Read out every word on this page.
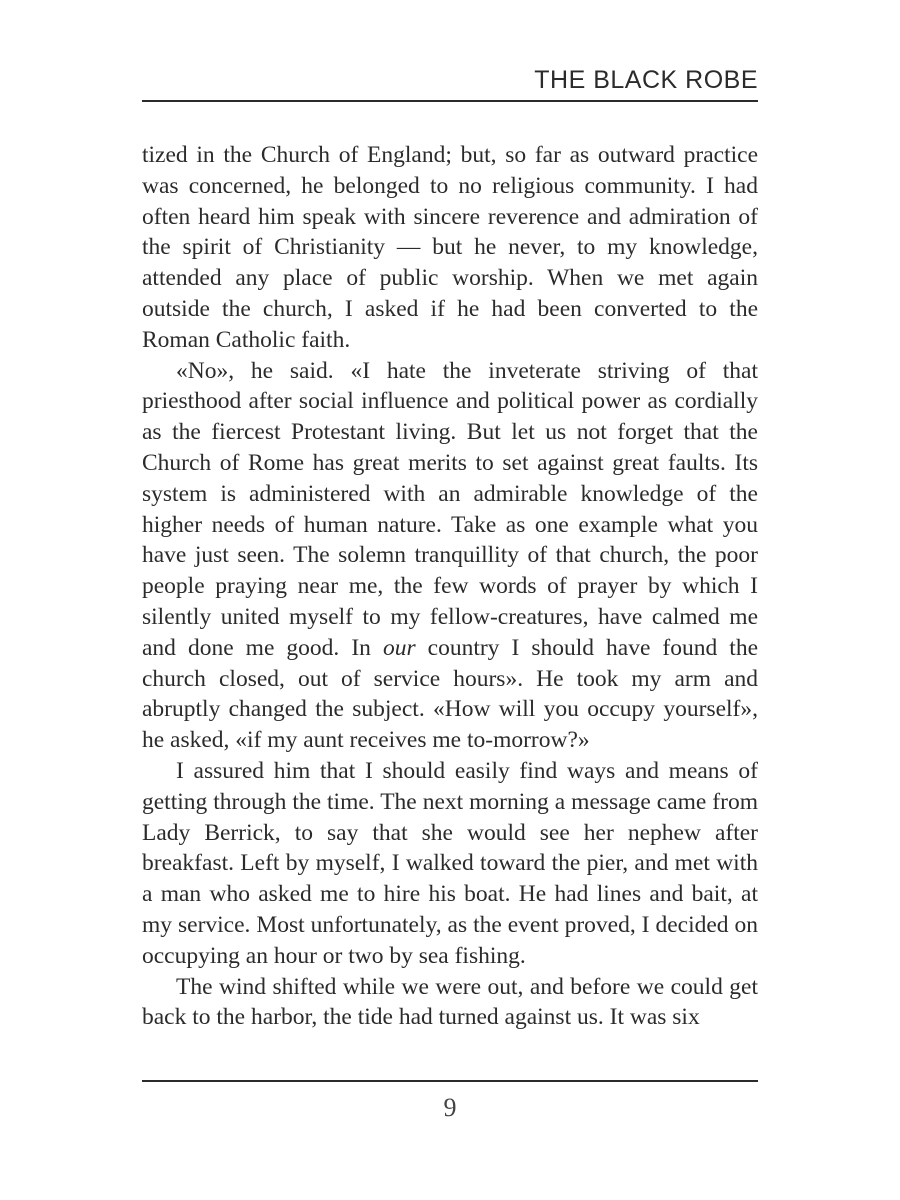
THE BLACK ROBE

tized in the Church of England; but, so far as outward practice was concerned, he belonged to no religious community. I had often heard him speak with sincere reverence and admiration of the spirit of Christianity — but he never, to my knowledge, attended any place of public worship. When we met again outside the church, I asked if he had been converted to the Roman Catholic faith.

«No», he said. «I hate the inveterate striving of that priesthood after social influence and political power as cordially as the fiercest Protestant living. But let us not forget that the Church of Rome has great merits to set against great faults. Its system is administered with an admirable knowledge of the higher needs of human nature. Take as one example what you have just seen. The solemn tranquillity of that church, the poor people praying near me, the few words of prayer by which I silently united myself to my fellow-creatures, have calmed me and done me good. In our country I should have found the church closed, out of service hours». He took my arm and abruptly changed the subject. «How will you occupy yourself», he asked, «if my aunt receives me to-morrow?»

I assured him that I should easily find ways and means of getting through the time. The next morning a message came from Lady Berrick, to say that she would see her nephew after breakfast. Left by myself, I walked toward the pier, and met with a man who asked me to hire his boat. He had lines and bait, at my service. Most unfortunately, as the event proved, I decided on occupying an hour or two by sea fishing.

The wind shifted while we were out, and before we could get back to the harbor, the tide had turned against us. It was six

9
